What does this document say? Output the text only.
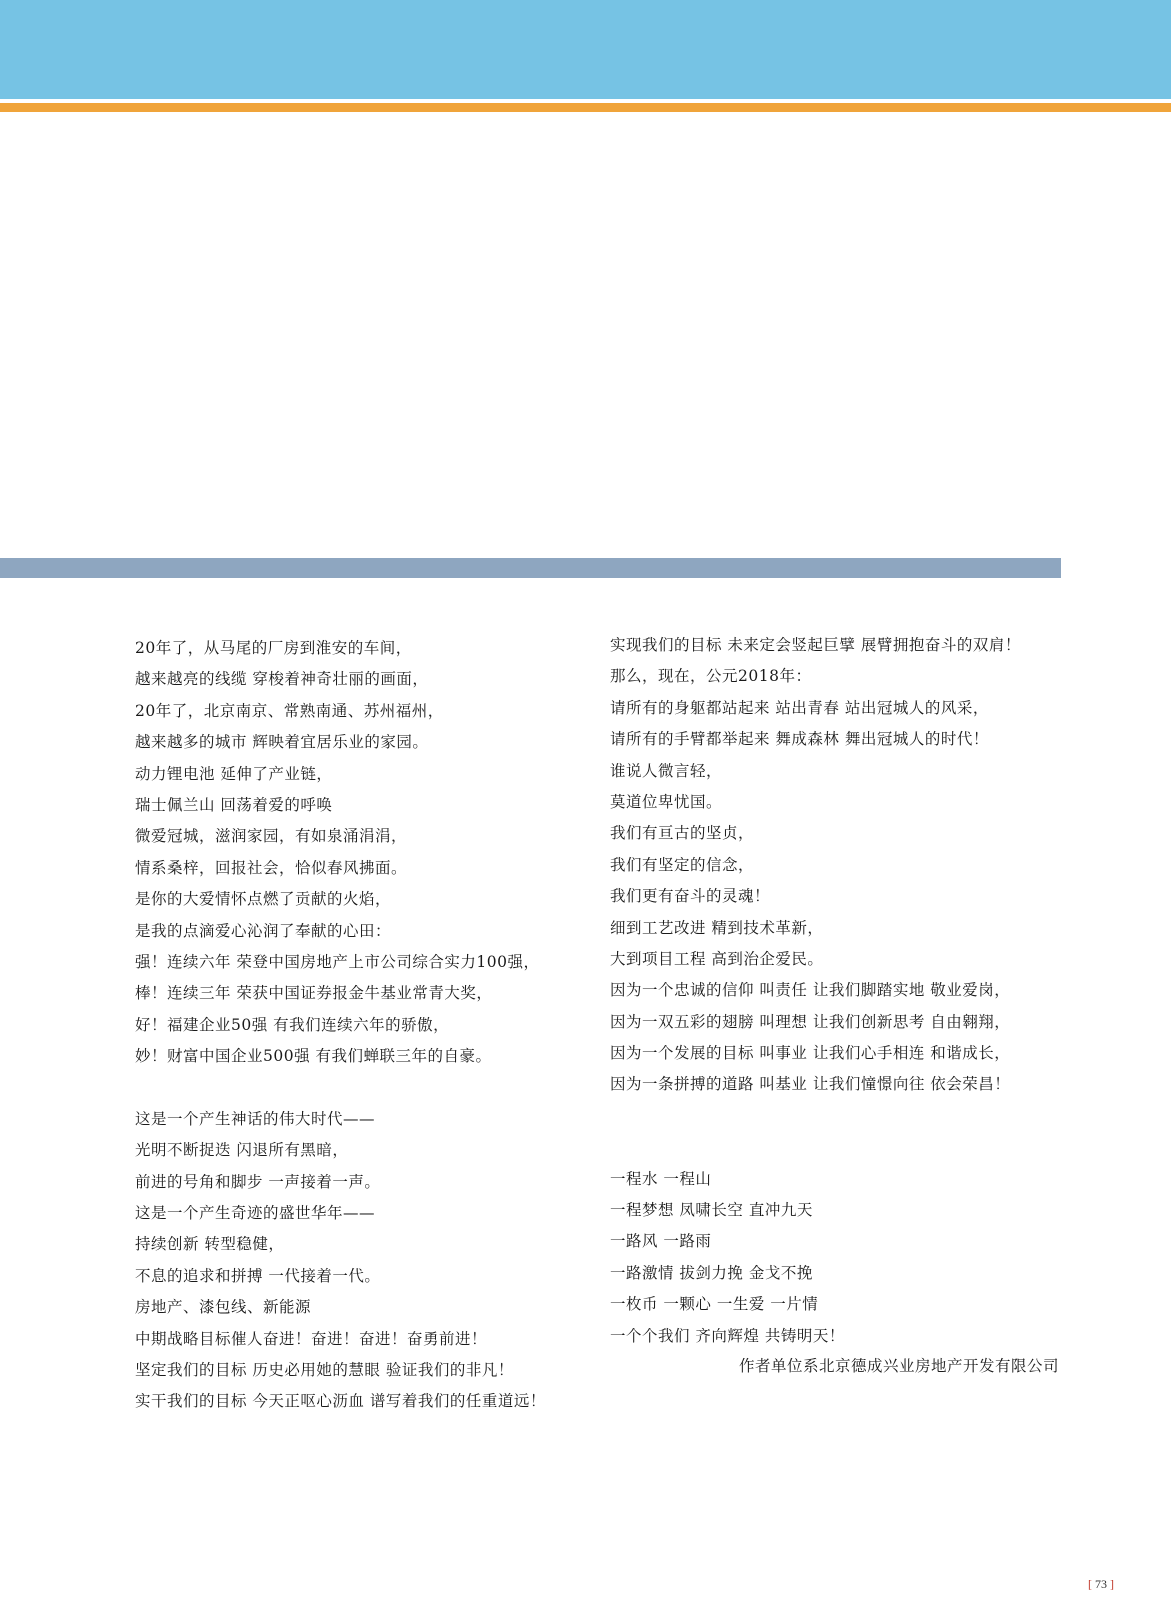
20年了，从马尾的厂房到淮安的车间，
越来越亮的线缆 穿梭着神奇壮丽的画面，
20年了，北京南京、常熟南通、苏州福州，
越来越多的城市 辉映着宜居乐业的家园。
动力锂电池 延伸了产业链，
瑞士佩兰山 回荡着爱的呼唤
微爱冠城，滋润家园，有如泉涌涓涓，
情系桑梓，回报社会，恰似春风拂面。
是你的大爱情怀点燃了贡献的火焰，
是我的点滴爱心沁润了奉献的心田：
强！连续六年 荣登中国房地产上市公司综合实力100强，
棒！连续三年 荣获中国证券报金牛基业常青大奖，
好！福建企业50强 有我们连续六年的骄傲，
妙！财富中国企业500强 有我们蝉联三年的自豪。
这是一个产生神话的伟大时代——
光明不断捉迭 闪退所有黑暗，
前进的号角和脚步 一声接着一声。
这是一个产生奇迹的盛世华年——
持续创新 转型稳健，
不息的追求和拼搏 一代接着一代。
房地产、漆包线、新能源
中期战略目标催人奋进！奋进！奋进！奋勇前进！
坚定我们的目标 历史必用她的慧眼 验证我们的非凡！
实干我们的目标 今天正呕心沥血 谱写着我们的任重道远！
实现我们的目标 未来定会竖起巨擘 展臂拥抱奋斗的双肩！
那么，现在，公元2018年：
请所有的身躯都站起来 站出青春 站出冠城人的风采，
请所有的手臂都举起来 舞成森林 舞出冠城人的时代！
谁说人微言轻，
莫道位卑忧国。
我们有亘古的坚贞，
我们有坚定的信念，
我们更有奋斗的灵魂！
细到工艺改进 精到技术革新，
大到项目工程 高到治企爱民。
因为一个忠诚的信仰 叫责任 让我们脚踏实地 敬业爱岗，
因为一双五彩的翅膀 叫理想 让我们创新思考 自由翱翔，
因为一个发展的目标 叫事业 让我们心手相连 和谐成长，
因为一条拼搏的道路 叫基业 让我们憧憬向往 依会荣昌！
一程水 一程山
一程梦想 凤啸长空 直冲九天
一路风 一路雨
一路激情 拔剑力挽 金戈不挽
一枚币 一颗心 一生爱 一片情
一个个我们 齐向辉煌 共铸明天！
作者单位系北京德成兴业房地产开发有限公司
[ 73 ]
